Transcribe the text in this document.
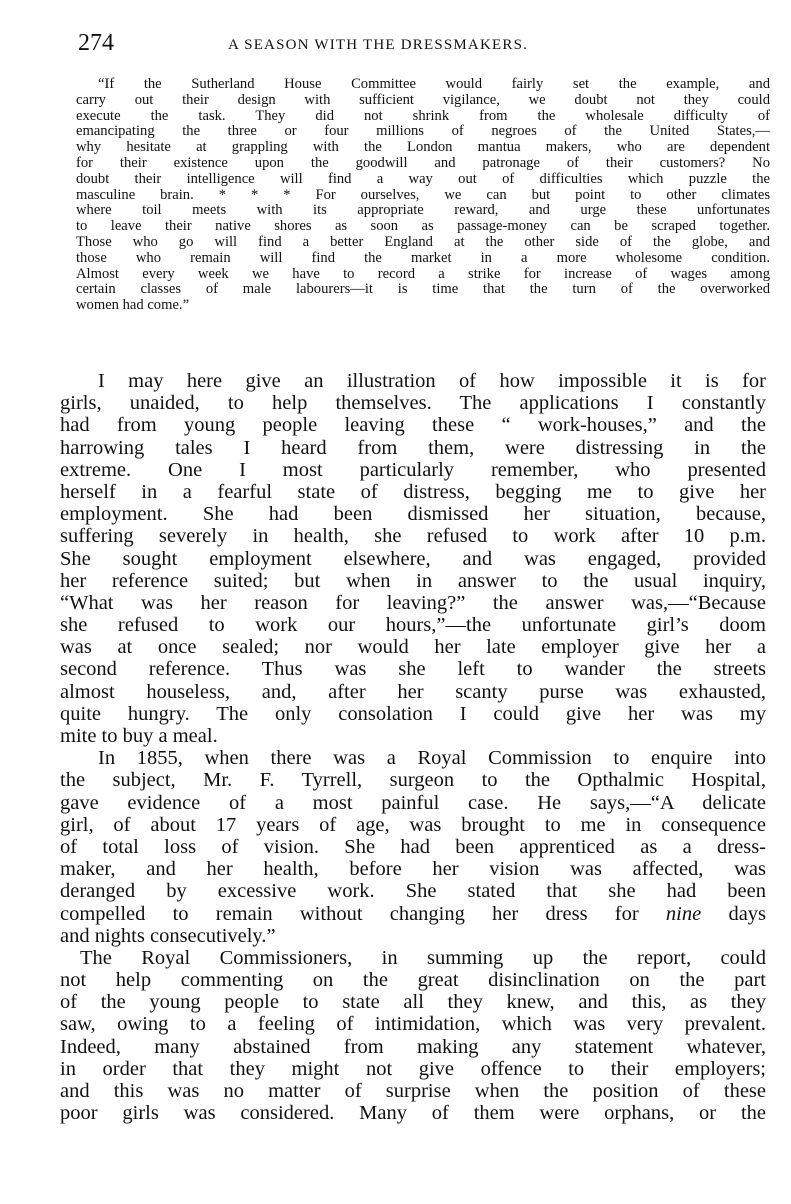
274	A SEASON WITH THE DRESSMAKERS.
“If the Sutherland House Committee would fairly set the example, and
carry out their design with sufficient vigilance, we doubt not they could
execute the task. They did not shrink from the wholesale difficulty of
emancipating the three or four millions of negroes of the United States,—
why hesitate at grappling with the London mantua makers, who are dependent
for their existence upon the goodwill and patronage of their customers? No
doubt their intelligence will find a way out of difficulties which puzzle the
masculine brain. * * * For ourselves, we can but point to other climates
where toil meets with its appropriate reward, and urge these unfortunates
to leave their native shores as soon as passage-money can be scraped together.
Those who go will find a better England at the other side of the globe, and
those who remain will find the market in a more wholesome condition.
Almost every week we have to record a strike for increase of wages among
certain classes of male labourers—it is time that the turn of the overworked
women had come.”
I may here give an illustration of how impossible it is for
girls, unaided, to help themselves. The applications I constantly
had from young people leaving these “ work-houses,” and the
harrowing tales I heard from them, were distressing in the
extreme. One I most particularly remember, who presented
herself in a fearful state of distress, begging me to give her
employment. She had been dismissed her situation, because,
suffering severely in health, she refused to work after 10 p.m.
She sought employment elsewhere, and was engaged, provided
her reference suited; but when in answer to the usual inquiry,
“What was her reason for leaving?” the answer was,—“Because
she refused to work our hours,”—the unfortunate girl’s doom
was at once sealed; nor would her late employer give her a
second reference. Thus was she left to wander the streets
almost houseless, and, after her scanty purse was exhausted,
quite hungry. The only consolation I could give her was my
mite to buy a meal.
In 1855, when there was a Royal Commission to enquire into
the subject, Mr. F. Tyrrell, surgeon to the Opthalmic Hospital,
gave evidence of a most painful case. He says,—“A delicate
girl, of about 17 years of age, was brought to me in consequence
of total loss of vision. She had been apprenticed as a dress-
maker, and her health, before her vision was affected, was
deranged by excessive work. She stated that she had been
compelled to remain without changing her dress for nine days
and nights consecutively.”
The Royal Commissioners, in summing up the report, could
not help commenting on the great disinclination on the part
of the young people to state all they knew, and this, as they
saw, owing to a feeling of intimidation, which was very prevalent.
Indeed, many abstained from making any statement whatever,
in order that they might not give offence to their employers;
and this was no matter of surprise when the position of these
poor girls was considered. Many of them were orphans, or the
